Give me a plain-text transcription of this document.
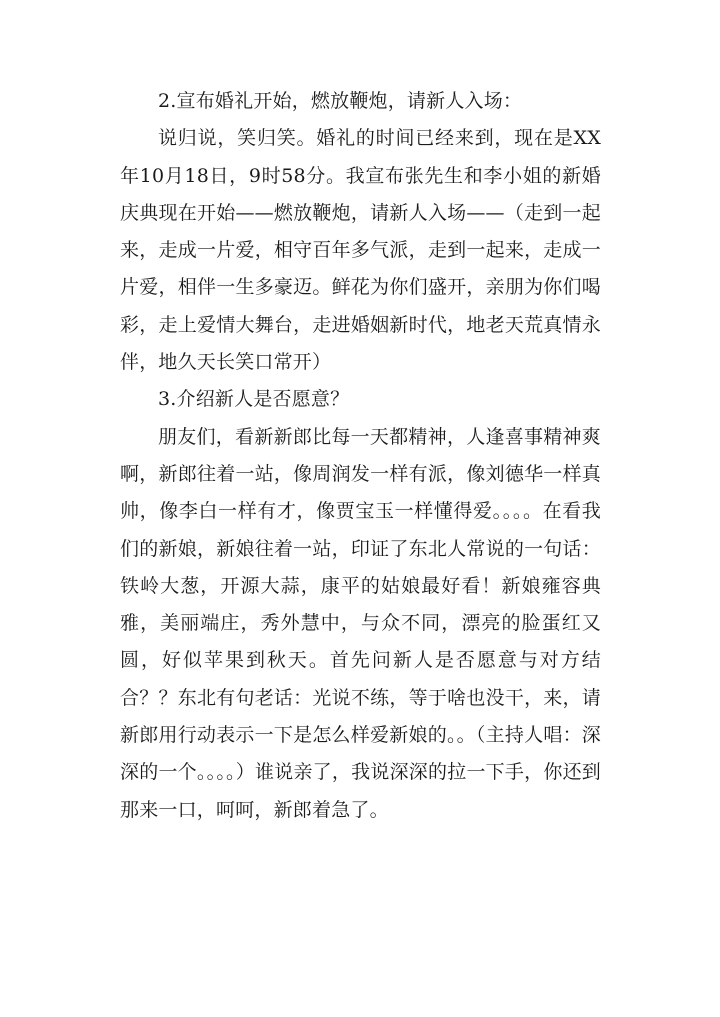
2.宣布婚礼开始，燃放鞭炮，请新人入场：

说归说，笑归笑。婚礼的时间已经来到，现在是XX年10月18日，9时58分。我宣布张先生和李小姐的新婚庆典现在开始——燃放鞭炮，请新人入场——（走到一起来，走成一片爱，相守百年多气派，走到一起来，走成一片爱，相伴一生多豪迈。鲜花为你们盛开，亲朋为你们喝彩，走上爱情大舞台，走进婚姻新时代，地老天荒真情永伴，地久天长笑口常开）

3.介绍新人是否愿意？

朋友们，看新新郎比每一天都精神，人逢喜事精神爽啊，新郎往着一站，像周润发一样有派，像刘德华一样真帅，像李白一样有才，像贾宝玉一样懂得爱。。。。在看我们的新娘，新娘往着一站，印证了东北人常说的一句话：铁岭大葱，开源大蒜，康平的姑娘最好看！新娘雍容典雅，美丽端庄，秀外慧中，与众不同，漂亮的脸蛋红又圆，好似苹果到秋天。首先问新人是否愿意与对方结合？？东北有句老话：光说不练，等于啥也没干，来，请新郎用行动表示一下是怎么样爱新娘的。。（主持人唱：深深的一个。。。。）谁说亲了，我说深深的拉一下手，你还到那来一口，呵呵，新郎着急了。
